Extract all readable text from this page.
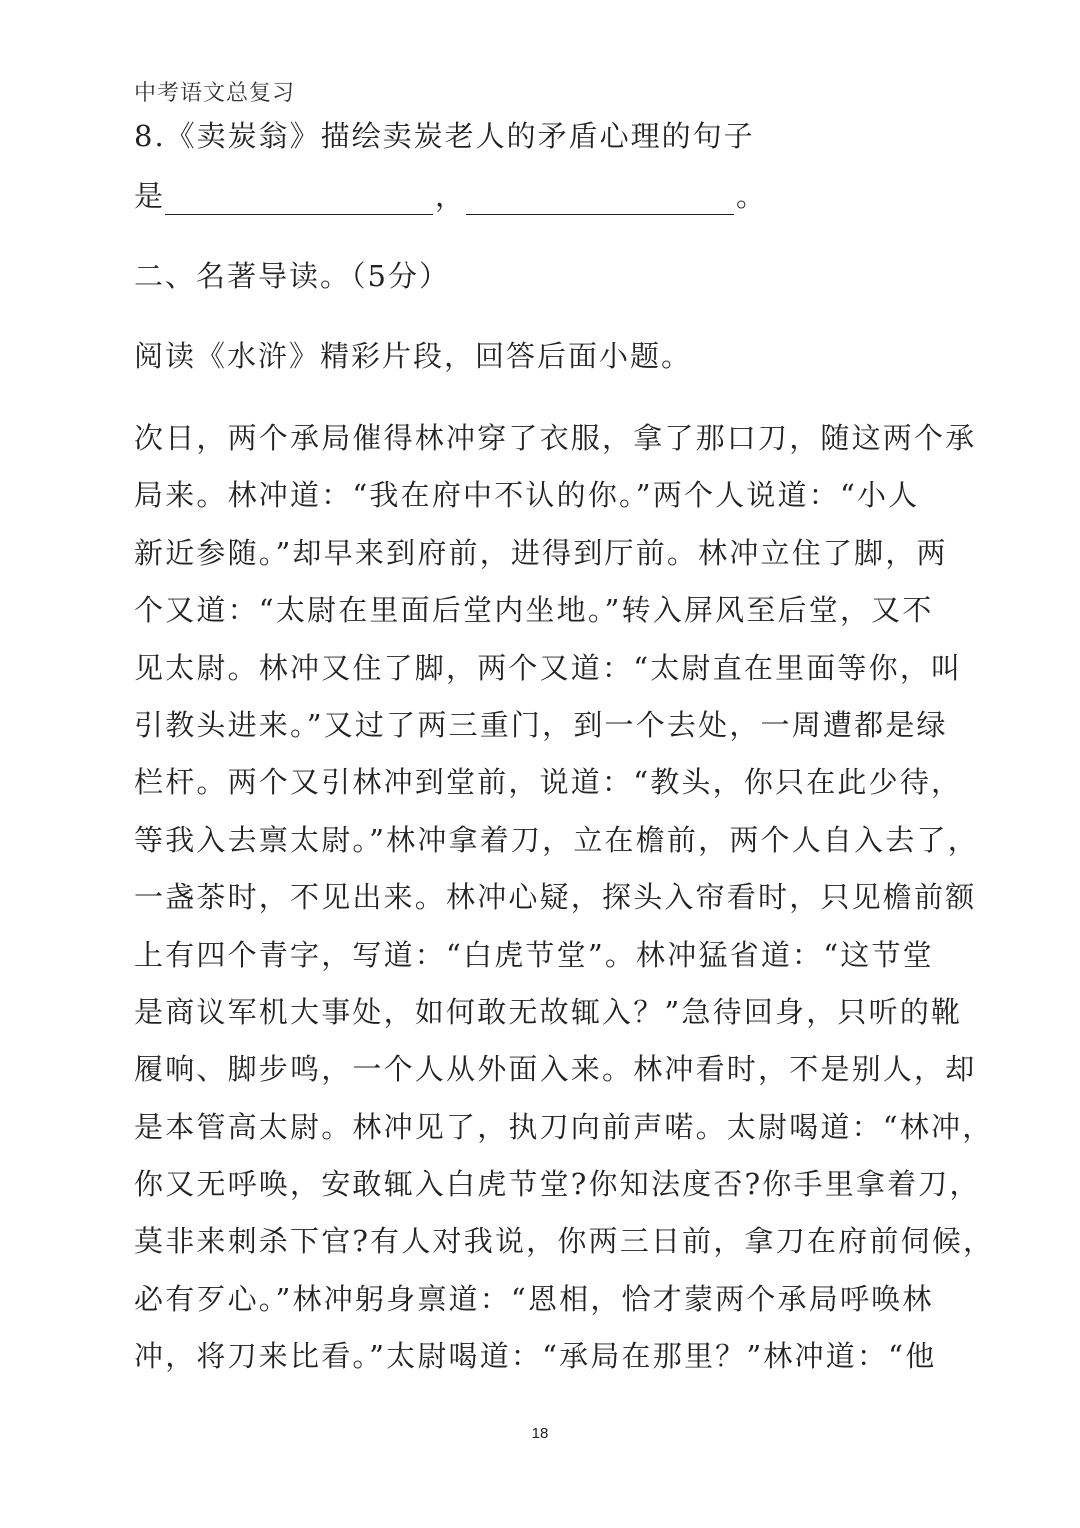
中考语文总复习
8.《卖炭翁》描绘卖炭老人的矛盾心理的句子
是	，	。
二、名著导读。（5分）
阅读《水浒》精彩片段，回答后面小题。
次日，两个承局催得林冲穿了衣服，拿了那口刀，随这两个承
局来。林冲道：“我在府中不认的你。”两个人说道：“小人
新近参随。”却早来到府前，进得到厅前。林冲立住了脚，两
个又道：“太尉在里面后堂内坐地。”转入屏风至后堂，又不
见太尉。林冲又住了脚，两个又道：“太尉直在里面等你，叫
引教头进来。”又过了两三重门，到一个去处，一周遭都是绿
栏杆。两个又引林冲到堂前，说道：“教头，你只在此少待，
等我入去禀太尉。”林冲拿着刀，立在檐前，两个人自入去了，
一盏茶时，不见出来。林冲心疑，探头入帘看时，只见檐前额
上有四个青字，写道：“白虎节堂”。林冲猛省道：“这节堂
是商议军机大事处，如何敢无故辄入？”急待回身，只听的靴
履响、脚步鸣，一个人从外面入来。林冲看时，不是别人，却
是本管高太尉。林冲见了，执刀向前声喏。太尉喝道：“林冲，
你又无呼唤，安敢辄入白虎节堂?你知法度否?你手里拿着刀，
莫非来刺杀下官?有人对我说，你两三日前，拿刀在府前伺候，
必有歹心。”林冲躬身禀道：“恩相，恰才蒙两个承局呼唤林
冲，将刀来比看。”太尉喝道：“承局在那里？”林冲道：“他
18
